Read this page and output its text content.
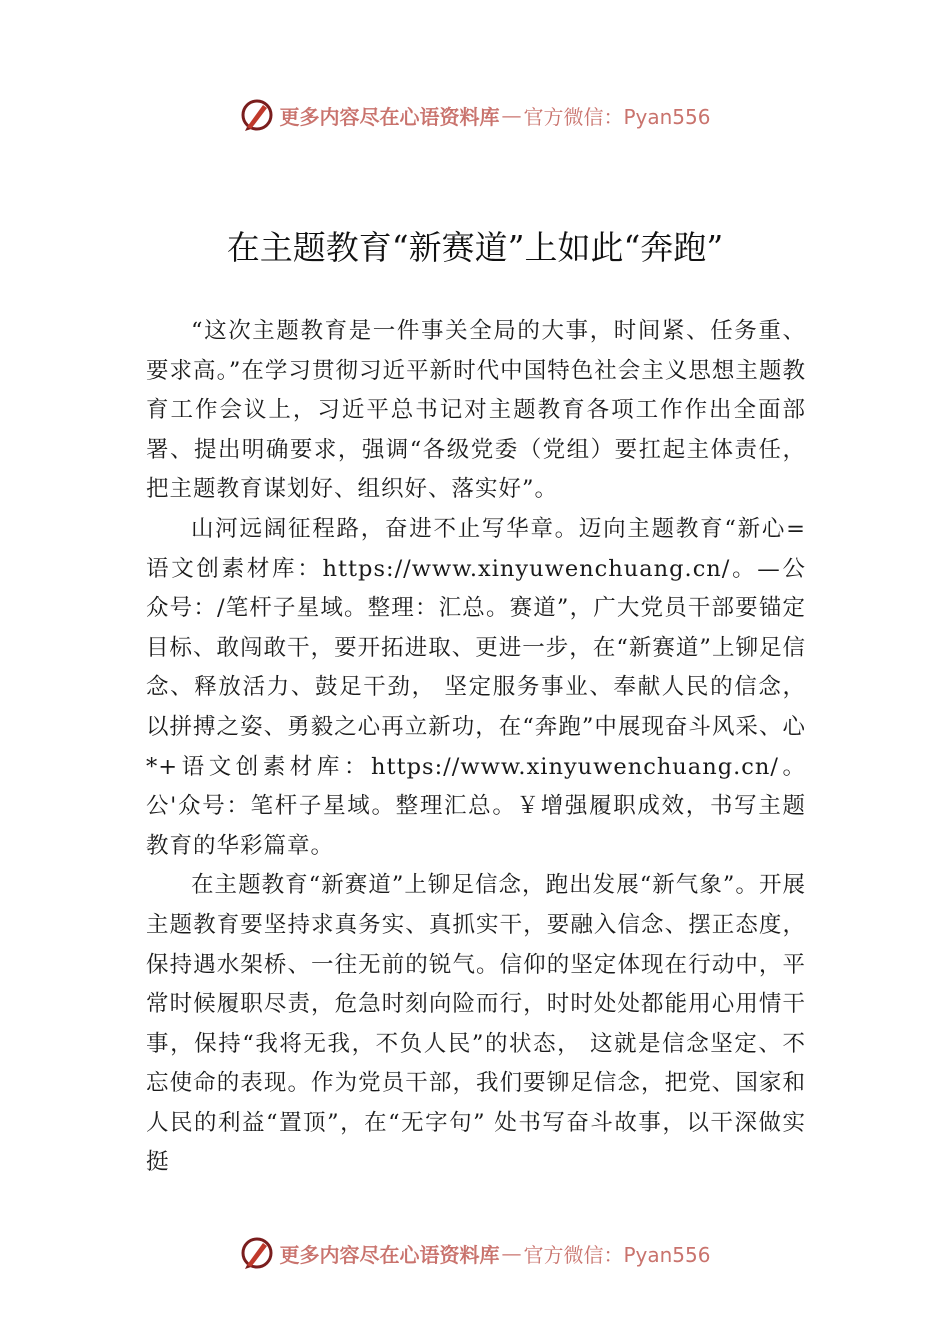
更多内容尽在心语资料库 — 官方微信：Pyan556
在主题教育“新赛道”上如此“奔跑”

“这次主题教育是一件事关全局的大事，时间紧、任务重、要求高。”在学习贯彻习近平新时代中国特色社会主义思想主题教育工作会议上，习近平总书记对主题教育各项工作作出全面部署、提出明确要求，强调“各级党委（党组）要扛起主体责任，把主题教育谋划好、组织好、落实好”。

山河远阔征程路，奋进不止写华章。迈向主题教育“新心=语文创素材库：https://www.xinyuwenchuang.cn/。—公众号：/笔杆子星域。整理：汇总。赛道”，广大党员干部要锚定目标、敢闯敢干，要开拓进取、更进一步，在“新赛道”上铆足信念、释放活力、鼓足干劲， 坚定服务事业、奉献人民的信念，以拼搏之姿、勇毅之心再立新功，在“奔跑”中展现奋斗风采、心*+语文创素材库：https://www.xinyuwenchuang.cn/。公'众号：笔杆子星域。整理汇总。￥增强履职成效，书写主题教育的华彩篇章。

在主题教育“新赛道”上铆足信念，跑出发展“新气象”。开展主题教育要坚持求真务实、真抓实干，要融入信念、摆正态度，保持遇水架桥、一往无前的锐气。信仰的坚定体现在行动中，平常时候履职尽责，危急时刻向险而行，时时处处都能用心用情干事，保持“我将无我，不负人民”的状态， 这就是信念坚定、不忘使命的表现。作为党员干部，我们要铆足信念，把党、国家和人民的利益“置顶”，在“无字句” 处书写奋斗故事，以干深做实挺

更多内容尽在心语资料库 — 官方微信：Pyan556
